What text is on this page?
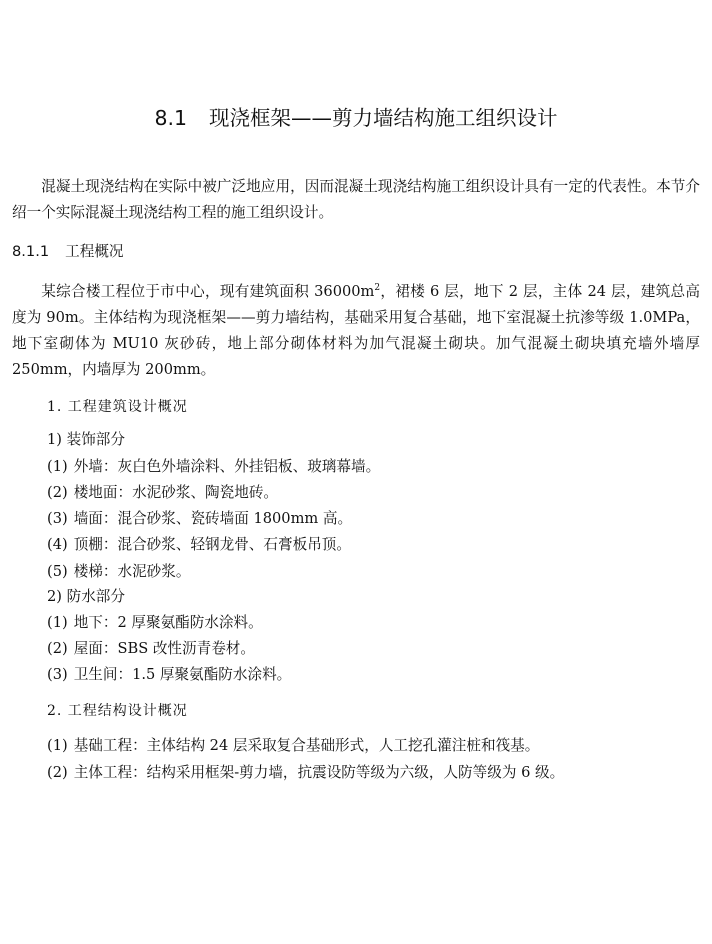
8.1 现浇框架——剪力墙结构施工组织设计

混凝土现浇结构在实际中被广泛地应用，因而混凝土现浇结构施工组织设计具有一定的代表性。本节介绍一个实际混凝土现浇结构工程的施工组织设计。

8.1.1 工程概况

某综合楼工程位于市中心，现有建筑面积 $36000m^2$，裙楼 6 层，地下 2 层，主体 24 层，建筑总高度为 90m。主体结构为现浇框架——剪力墙结构，基础采用复合基础，地下室混凝土抗渗等级 1.0MPa，地下室砌体为 MU10 灰砂砖，地上部分砌体材料为加气混凝土砌块。加气混凝土砌块填充墙外墙厚 250mm，内墙厚为 200mm。

1. 工程建筑设计概况
1) 装饰部分
(1) 外墙：灰白色外墙涂料、外挂铝板、玻璃幕墙。
(2) 楼地面：水泥砂浆、陶瓷地砖。
(3) 墙面：混合砂浆、瓷砖墙面 1800mm 高。
(4) 顶棚：混合砂浆、轻钢龙骨、石膏板吊顶。
(5) 楼梯：水泥砂浆。
2) 防水部分
(1) 地下：2 厚聚氨酯防水涂料。
(2) 屋面：SBS 改性沥青卷材。
(3) 卫生间：1.5 厚聚氨酯防水涂料。
2. 工程结构设计概况
(1) 基础工程：主体结构 24 层采取复合基础形式，人工挖孔灌注桩和筏基。
(2) 主体工程：结构采用框架-剪力墙，抗震设防等级为六级，人防等级为 6 级。
